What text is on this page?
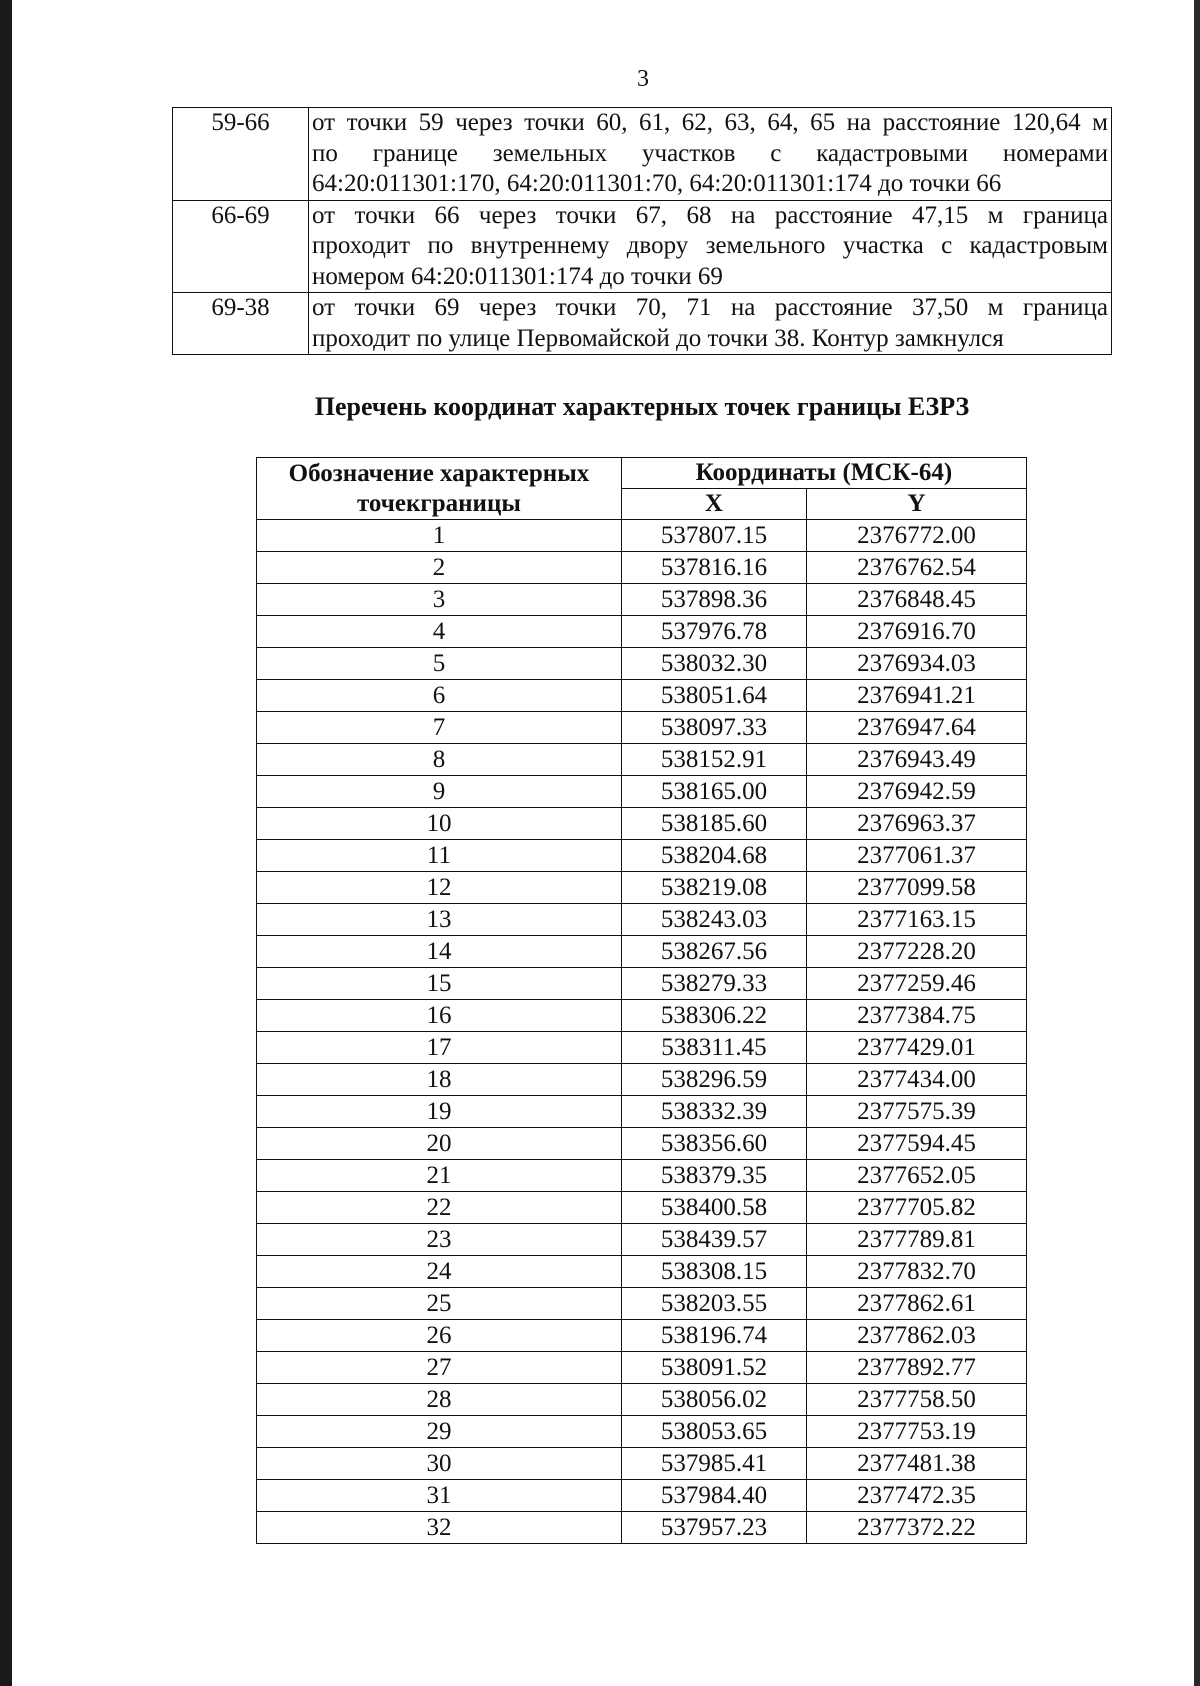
3
59-66	от точки 59 через точки 60, 61, 62, 63, 64, 65 на расстояние 120,64 м
по границе земельных участков с кадастровыми номерами
64:20:011301:170, 64:20:011301:70, 64:20:011301:174 до точки 66

66-69	от точки 66 через точки 67, 68 на расстояние 47,15 м граница
проходит по внутреннему двору земельного участка с кадастровым
номером 64:20:011301:174 до точки 69

69-38	от точки 69 через точки 70, 71 на расстояние 37,50 м граница
проходит по улице Первомайской до точки 38. Контур замкнулся
Перечень координат характерных точек границы ЕЗРЗ
Обозначение характерных
точекграницы	Координаты (МСК-64)	
	X	Y
1	537807.15	2376772.00
2	537816.16	2376762.54
3	537898.36	2376848.45
4	537976.78	2376916.70
5	538032.30	2376934.03
6	538051.64	2376941.21
7	538097.33	2376947.64
8	538152.91	2376943.49
9	538165.00	2376942.59
10	538185.60	2376963.37
11	538204.68	2377061.37
12	538219.08	2377099.58
13	538243.03	2377163.15
14	538267.56	2377228.20
15	538279.33	2377259.46
16	538306.22	2377384.75
17	538311.45	2377429.01
18	538296.59	2377434.00
19	538332.39	2377575.39
20	538356.60	2377594.45
21	538379.35	2377652.05
22	538400.58	2377705.82
23	538439.57	2377789.81
24	538308.15	2377832.70
25	538203.55	2377862.61
26	538196.74	2377862.03
27	538091.52	2377892.77
28	538056.02	2377758.50
29	538053.65	2377753.19
30	537985.41	2377481.38
31	537984.40	2377472.35
32	537957.23	2377372.22
